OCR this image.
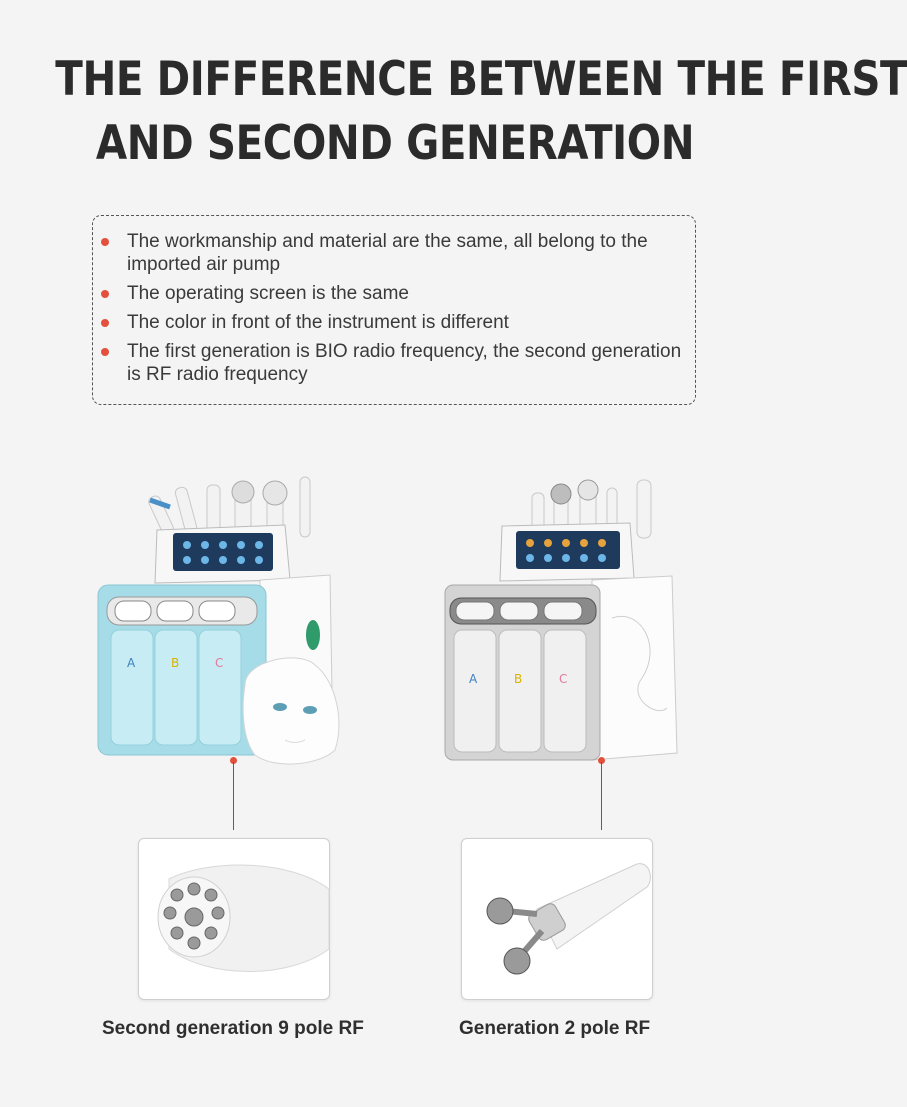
THE DIFFERENCE BETWEEN THE FIRST
AND SECOND GENERATION
The workmanship and material are the same, all belong to the imported air pump
The operating screen is the same
The color in front of the instrument is different
The first generation is BIO radio frequency, the second generation is RF radio frequency
A	B	C
A	B	C
Second generation 9 pole RF	Generation 2 pole RF
